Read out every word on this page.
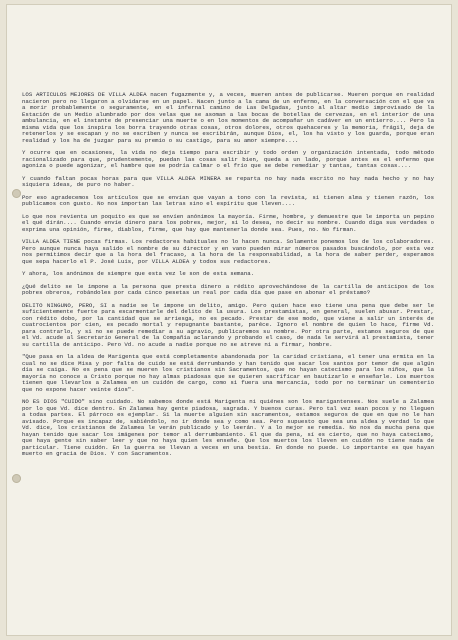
LOS ARTICULOS MEJORES DE VILLA ALDEA nacen fugazmente y, a veces, mueren antes de publicarse. Mueren porque en realidad nacieron pero no llegaron a olvidarse en un papel. Nacen junto a la cama de un enfermo, en la conversación con el que va a morir probablemente o seguramente, en el infernal camino de Las Delgadas, junto al altar medio improvisado de la Estación de un Medio alumbrado por dos velas que se asoman a las bocas de botellas de cervezas, en el interior de una ambulancia, en el instante de presenciar una muerte o en los momentos de acompañar un cadáver en un entierro.... Pero la misma vida que los inspira los borra trayendo otras cosas, otros dolores, otros quehaceres y la memoria, frágil, deja de retenerlos y se escapan y no se escriben y nunca se escribirán, aunque Dios, el, los ha visto y los guarda, porque eran realidad y los ha de juzgar para su premio o su castigo, para su amor siempre....

Y ocurre que en ocasiones, la vida no deja tiempo para escribir y todo orden y organización intentada, todo método racionalizado para que, prudentemente, puedan las cosas salir bien, queda a un lado, porque antes es el enfermo que agoniza o puede agonizar, el hambre que se podría calmar o el frío que se debe remediar y tantas, tantas cosas....

Y cuando faltan pocas horas para que VILLA ALDEA MINERA se reparta no hay nada escrito no hay nada hecho y no hay siquiera ideas, de puro no haber.

Por eso agradecemos los artículos que se envían que vayan a tono con la revista, si tienen alma y tienen razón, los publicamos con gusto. No nos importan las letras sino el espíritu que lleven....

Lo que nos revienta un poquito es que se envíen anónimos la mayoría. Firme, hombre, y demuestre que le importa un pepino el qué dirán.... Cuando envíe dinero para los pobres, mejor, si lo desea, no decir su nombre. Cuando diga sus verdades o exprima una opinión, firme, diablos, firme, que hay que mantenerla donde sea. Pues, no. No firman.

VILLA ALDEA TIENE pocas firmas. Los redactores habituales no lo hacen nunca. Solamente ponemos los de los colaboradores. Pero aunque nunca haya salido el nombre de su director y en vano pueden mirar números pasados buscándolo, por esta vez nos permitimos decir que a la hora del fracaso, a la hora de la responsabilidad, a la hora de saber perder, esperamos que sepa hacerlo el P. José Luis, por VILLA ALDEA y todos sus redactores.

Y ahora, los anónimos de siempre que esta vez le son de esta semana.

¿Qué delito se le impone a la persona que presta dinero a rédito aprovechándose de la cartilla de anticipos de los pobres obreros, robándoles por cada cinco pesetas un real por cada día que pase en abonar el préstamo?

DELITO NINGUNO, PERO, SI a nadie se le impone un delito, amigo. Pero quien hace eso tiene una pena que debe ser le suficientemente fuerte para escarmentarle del delito de la usura. Los prestamistas, en general, suelen abusar. Prestar, con rédito dobo, por la cantidad que se arriesga, no es pecado. Prestar de ese modo, que viene a salir un interés de cuatrocientos por cien, es pecado mortal y repugnante bastante, paréce. Ignoro el nombre de quien lo hace, firme Vd. para contrarlo, y si no se puede remediar a su agravio, publicaremos su nombre. Por otra parte, estamos seguros de que el Vd. acude al Secretario General de la Compañía aclarando y probando el caso, de nada le servirá al prestamista, tener su cartilla de anticipo. Pero Vd. no acude a nadie porque no se atreve ni a firmar, hombre.

"Que pasa en la aldea de Marigenta que está completamente abandonada por la caridad cristiana, el tener una ermita en la cual no se dice Misa y por falta de cuido se está derrumbando y han tenido que sacar los santos por temor de que algún día se caiga. No es pena que se mueren los cristianos sin Sacramentos, que no hayan catecismo para los niños, que la mayoría no conoce a Cristo porque no hay almas piadosas que se quieren sacrificar en bautizarlo e enseñarle. Los muertos tienen que llevarlos a Zalamea en un cuidón de cargo, como si fuera una mercancía, todo por no terminar un cementerio que no expone hacer veinte dios".

NO ES DIOS "CUIDO" sino cuidado. No sabemos donde está Marigenta ni quiénes son los marigantenses. Nos suele a Zalamea por lo que Vd. dice dentro. En Zalamea hay gente piadosa, sagrada. Y buenos curas. Pero tal vez sean pocos y no lleguen a todas partes. El párroco es ejemplar. Si la muerte alguien sin sacramentos, estamos seguros de que en que no le han avisado. Porque es incapaz de, sabiéndolo, no ir donde sea y como sea. Pero supuesto que sea una aldea y verdad lo que Vd. dice, los cristianos de Zalamea le verán publicado y lo leerán. Y a lo mejor se remedia. No nos da mucha pena que hayan tenido que sacar los imágenes por temor al derrumbamiento. El que da pena, sí es cierto, que no haya catecismo, que haya gente sin saber leer y que no haya quien les enseñe. Que los muertos los lleven en cuidón no tiene nada de particular. Tiene cuidón. En la guerra se llevan a veces en una bestia. En donde no puede. Lo importante es que hayan muerto en gracia de Dios. Y con Sacramentos.
